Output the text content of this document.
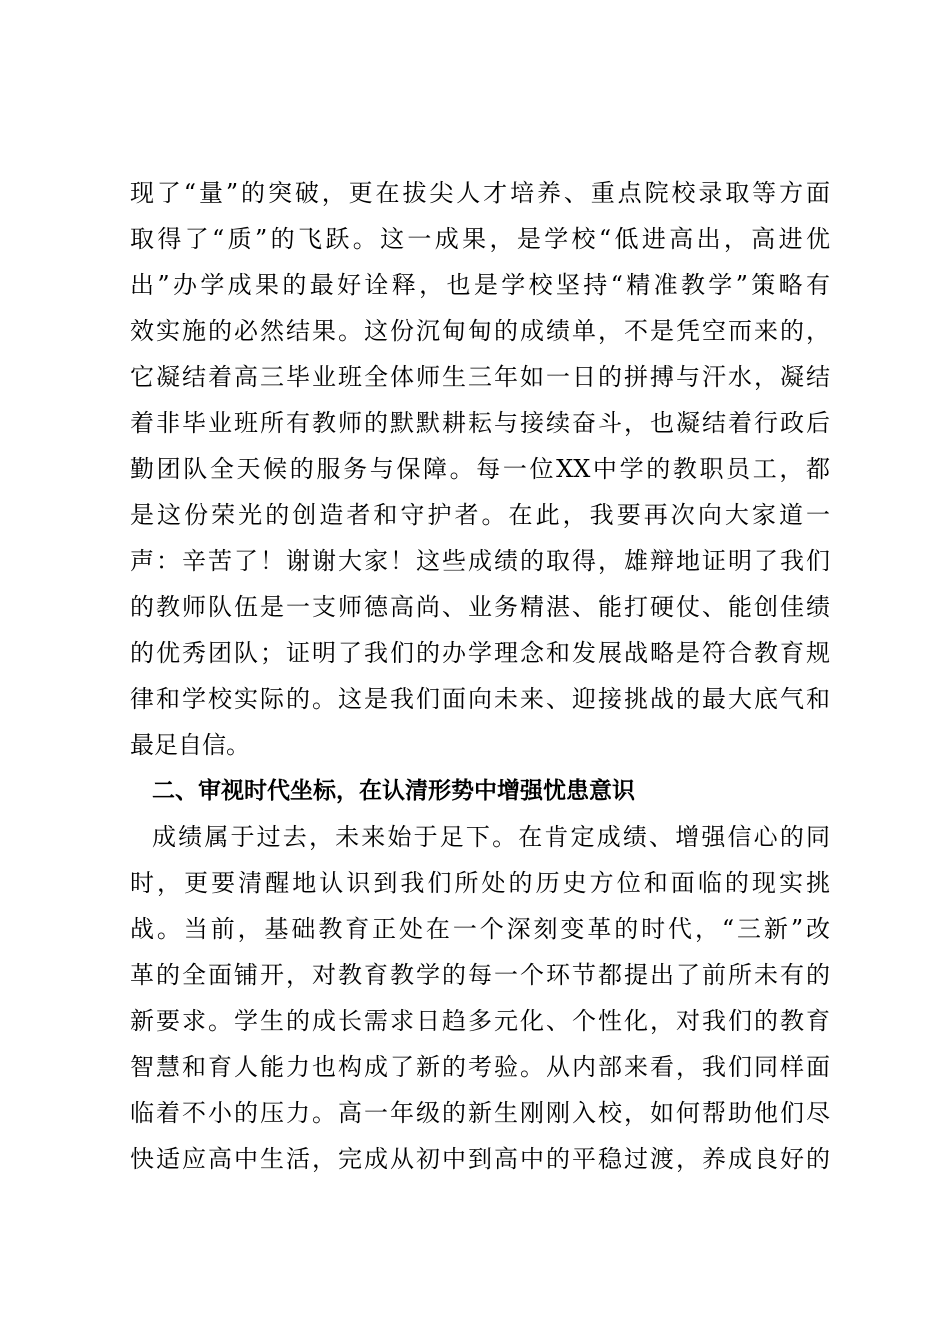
现了“量”的突破，更在拔尖人才培养、重点院校录取等方面
取得了“质”的飞跃。这一成果，是学校“低进高出，高进优
出”办学成果的最好诠释，也是学校坚持“精准教学”策略有
效实施的必然结果。这份沉甸甸的成绩单，不是凭空而来的，
它凝结着高三毕业班全体师生三年如一日的拼搏与汗水，凝结
着非毕业班所有教师的默默耕耘与接续奋斗，也凝结着行政后
勤团队全天候的服务与保障。每一位XX中学的教职员工，都
是这份荣光的创造者和守护者。在此，我要再次向大家道一
声：辛苦了！谢谢大家！这些成绩的取得，雄辩地证明了我们
的教师队伍是一支师德高尚、业务精湛、能打硬仗、能创佳绩
的优秀团队；证明了我们的办学理念和发展战略是符合教育规
律和学校实际的。这是我们面向未来、迎接挑战的最大底气和
最足自信。
二、审视时代坐标，在认清形势中增强忧患意识
成绩属于过去，未来始于足下。在肯定成绩、增强信心的同
时，更要清醒地认识到我们所处的历史方位和面临的现实挑
战。当前，基础教育正处在一个深刻变革的时代，“三新”改
革的全面铺开，对教育教学的每一个环节都提出了前所未有的
新要求。学生的成长需求日趋多元化、个性化，对我们的教育
智慧和育人能力也构成了新的考验。从内部来看，我们同样面
临着不小的压力。高一年级的新生刚刚入校，如何帮助他们尽
快适应高中生活，完成从初中到高中的平稳过渡，养成良好的
